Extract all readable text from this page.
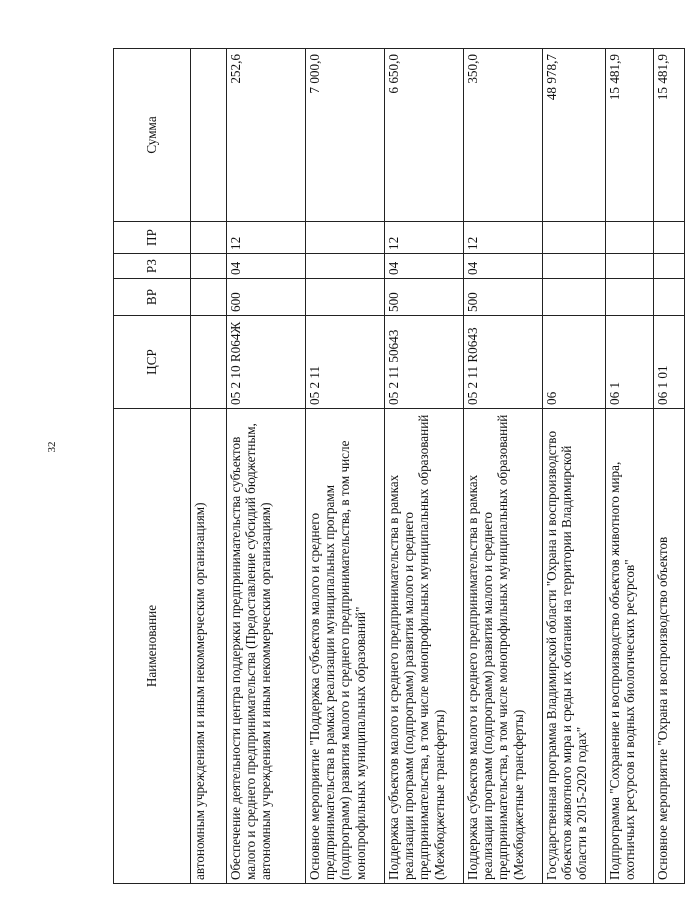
32
Наименование	ЦСР	ВР	РЗ	ПР	Сумма
автономным учреждениям и иным некоммерческим организациям)					
Обеспечение деятельности центра поддержки предпринимательства субъектов малого и среднего предпринимательства (Предоставление субсидий бюджетным, автономным учреждениям и иным некоммерческим организациям)	05 2 10 R064Ж	600	04	12	252,6
Основное мероприятие "Поддержка субъектов малого и среднего предпринимательства в рамках реализации муниципальных программ (подпрограмм) развития малого и среднего предпринимательства, в том числе монопрофильных муниципальных образований"	05 2 11				7 000,0
Поддержка субъектов малого и среднего предпринимательства в рамках реализации программ (подпрограмм) развития малого и среднего предпринимательства, в том числе монопрофильных муниципальных образований (Межбюджетные трансферты)	05 2 11 50643	500	04	12	6 650,0
Поддержка субъектов малого и среднего предпринимательства в рамках реализации программ (подпрограмм) развития малого и среднего предпринимательства, в том числе монопрофильных муниципальных образований (Межбюджетные трансферты)	05 2 11 R0643	500	04	12	350,0
Государственная программа Владимирской области "Охрана и воспроизводство объектов животного мира и среды их обитания на территории Владимирской области в 2015-2020 годах"	06				48 978,7
Подпрограмма "Сохранение и воспроизводство объектов животного мира, охотничьих ресурсов и водных биологических ресурсов"	06 1				15 481,9
Основное мероприятие "Охрана и воспроизводство объектов	06 1 01				15 481,9
